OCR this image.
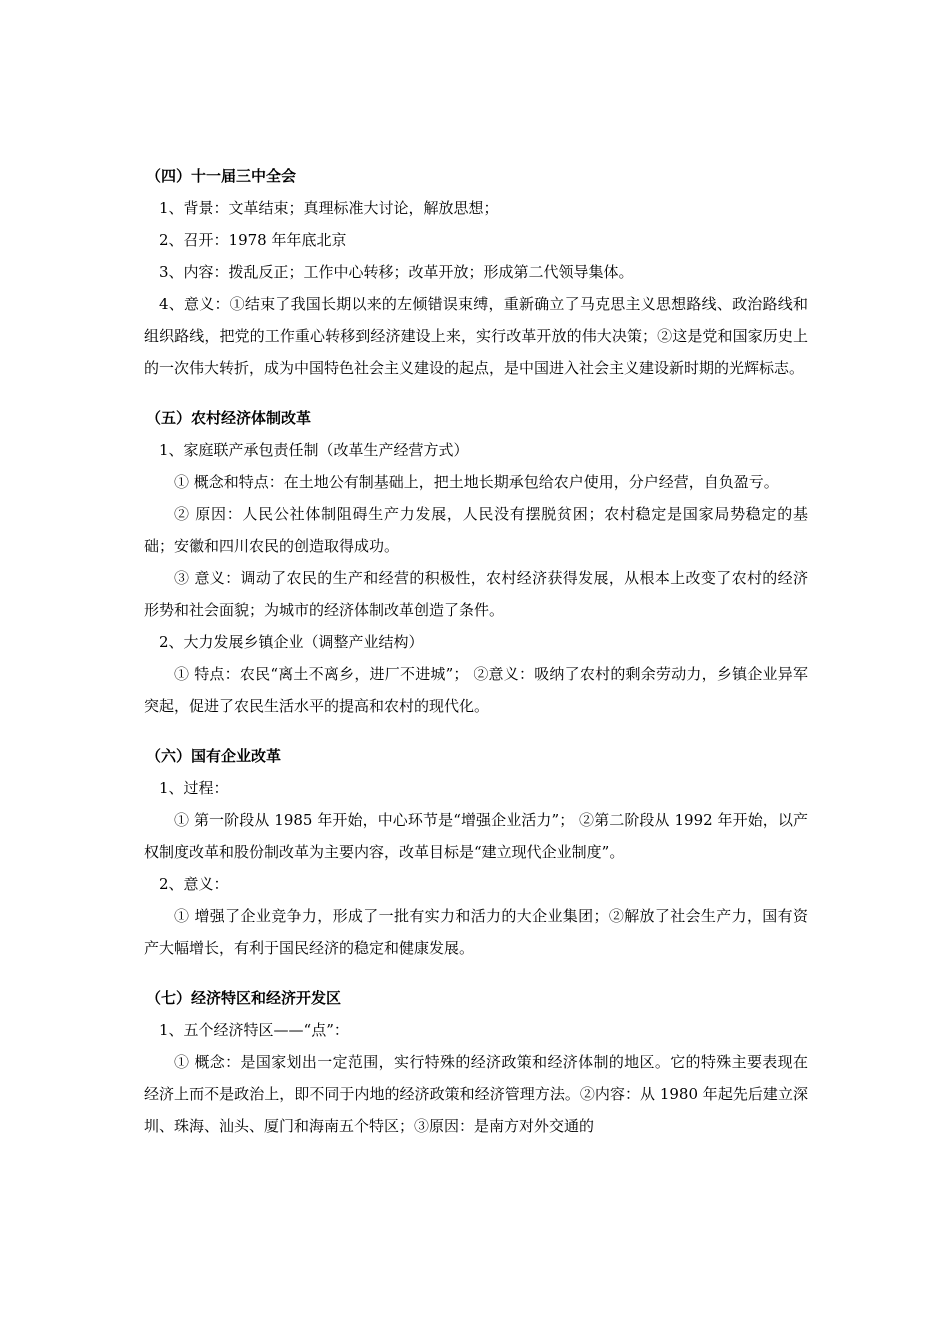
（四）十一届三中全会

1、背景：文革结束；真理标准大讨论，解放思想；

2、召开：1978 年年底北京

3、内容：拨乱反正；工作中心转移；改革开放；形成第二代领导集体。

4、意义：①结束了我国长期以来的左倾错误束缚，重新确立了马克思主义思想路线、政治路线和组织路线，把党的工作重心转移到经济建设上来，实行改革开放的伟大决策；②这是党和国家历史上的一次伟大转折，成为中国特色社会主义建设的起点，是中国进入社会主义建设新时期的光辉标志。

（五）农村经济体制改革

1、家庭联产承包责任制（改革生产经营方式）

① 概念和特点：在土地公有制基础上，把土地长期承包给农户使用，分户经营，自负盈亏。

② 原因：人民公社体制阻碍生产力发展，人民没有摆脱贫困；农村稳定是国家局势稳定的基础；安徽和四川农民的创造取得成功。

③ 意义：调动了农民的生产和经营的积极性，农村经济获得发展，从根本上改变了农村的经济形势和社会面貌；为城市的经济体制改革创造了条件。

2、大力发展乡镇企业（调整产业结构）

① 特点：农民“离土不离乡，进厂不进城”； ②意义：吸纳了农村的剩余劳动力，乡镇企业异军突起，促进了农民生活水平的提高和农村的现代化。

（六）国有企业改革

1、过程：

① 第一阶段从 1985 年开始，中心环节是“增强企业活力”； ②第二阶段从 1992 年开始，以产权制度改革和股份制改革为主要内容，改革目标是“建立现代企业制度”。

2、意义：

① 增强了企业竞争力，形成了一批有实力和活力的大企业集团；②解放了社会生产力，国有资产大幅增长，有利于国民经济的稳定和健康发展。

（七）经济特区和经济开发区

1、五个经济特区——“点”：

① 概念：是国家划出一定范围，实行特殊的经济政策和经济体制的地区。它的特殊主要表现在经济上而不是政治上，即不同于内地的经济政策和经济管理方法。②内容：从 1980 年起先后建立深圳、珠海、汕头、厦门和海南五个特区；③原因：是南方对外交通的
